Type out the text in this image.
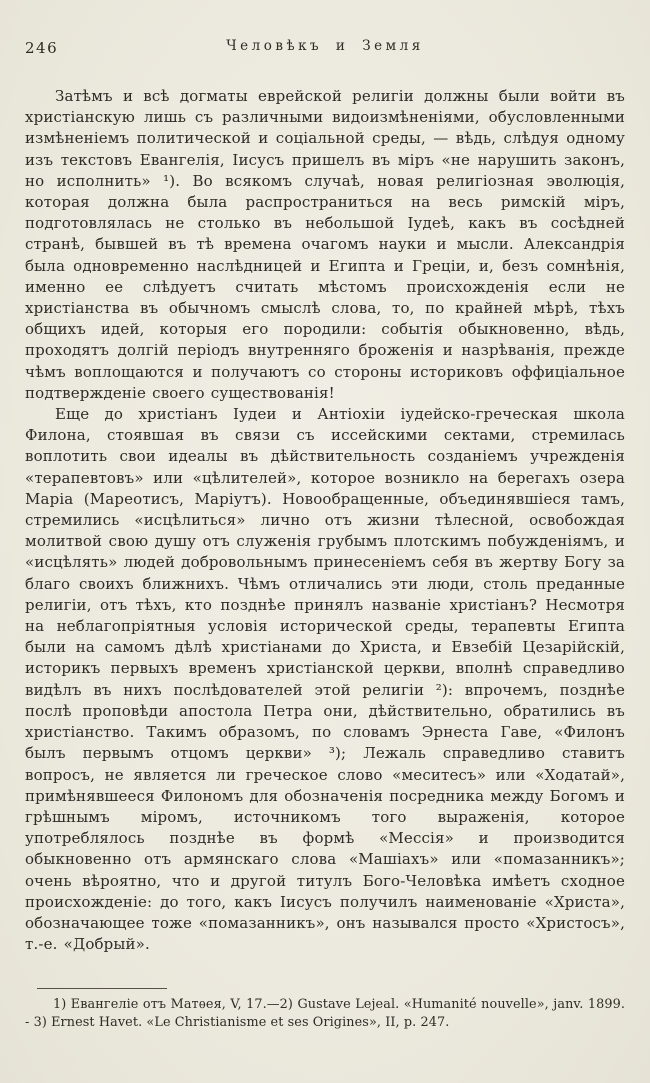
246	Человѣкъ и Земля

Затѣмъ и всѣ догматы еврейской религіи должны были войти въ христіанскую лишь съ различными видоизмѣненіями, обусловленными измѣненіемъ политической и соціальной среды, — вѣдь, слѣдуя одному изъ текстовъ Евангелія, Іисусъ пришелъ въ міръ «не нарушить законъ, но исполнить» ¹). Во всякомъ случаѣ, новая религіозная эволюція, которая должна была распространиться на весь римскій міръ, подготовлялась не столько въ небольшой Іудеѣ, какъ въ сосѣдней странѣ, бывшей въ тѣ времена очагомъ науки и мысли. Александрія была одновременно наслѣдницей и Египта и Греціи, и, безъ сомнѣнія, именно ее слѣдуетъ считать мѣстомъ происхожденія если не христіанства въ обычномъ смыслѣ слова, то, по крайней мѣрѣ, тѣхъ общихъ идей, которыя его породили: событія обыкновенно, вѣдь, проходятъ долгій періодъ внутренняго броженія и назрѣванія, прежде чѣмъ воплощаются и получаютъ со стороны историковъ оффиціальное подтвержденіе своего существованія!

Еще до христіанъ Іудеи и Антіохіи іудейско-греческая школа Филона, стоявшая въ связи съ иссейскими сектами, стремилась воплотить свои идеалы въ дѣйствительность созданіемъ учрежденія «терапевтовъ» или «цѣлителей», которое возникло на берегахъ озера Маріа (Мареотисъ, Маріутъ). Новообращенные, объединявшіеся тамъ, стремились «исцѣлиться» лично отъ жизни тѣлесной, освобождая молитвой свою душу отъ служенія грубымъ плотскимъ побужденіямъ, и «исцѣлять» людей добровольнымъ принесеніемъ себя въ жертву Богу за благо своихъ ближнихъ. Чѣмъ отличались эти люди, столь преданные религіи, отъ тѣхъ, кто позднѣе принялъ названіе христіанъ? Несмотря на неблагопріятныя условія исторической среды, терапевты Египта были на самомъ дѣлѣ христіанами до Христа, и Евзебій Цезарійскій, историкъ первыхъ временъ христіанской церкви, вполнѣ справедливо видѣлъ въ нихъ послѣдователей этой религіи ²): впрочемъ, позднѣе послѣ проповѣди апостола Петра они, дѣйствительно, обратились въ христіанство. Такимъ образомъ, по словамъ Эрнеста Гаве, «Филонъ былъ первымъ отцомъ церкви» ³); Лежаль справедливо ставитъ вопросъ, не является ли греческое слово «меситесъ» или «Ходатай», примѣнявшееся Филономъ для обозначенія посредника между Богомъ и грѣшнымъ міромъ, источникомъ того выраженія, которое употреблялось позднѣе въ формѣ «Мессія» и производится обыкновенно отъ армянскаго слова «Машіахъ» или «помазанникъ»; очень вѣроятно, что и другой титулъ Бого-Человѣка имѣетъ сходное происхожденіе: до того, какъ Іисусъ получилъ наименованіе «Христа», обозначающее тоже «помазанникъ», онъ назывался просто «Христосъ», т.-е. «Добрый».

1) Евангеліе отъ Матѳея, V, 17.—2) Gustave Lejeal. «Humanité nouvelle», janv. 1899. - 3) Ernest Havet. «Le Christianisme et ses Origines», II, p. 247.
